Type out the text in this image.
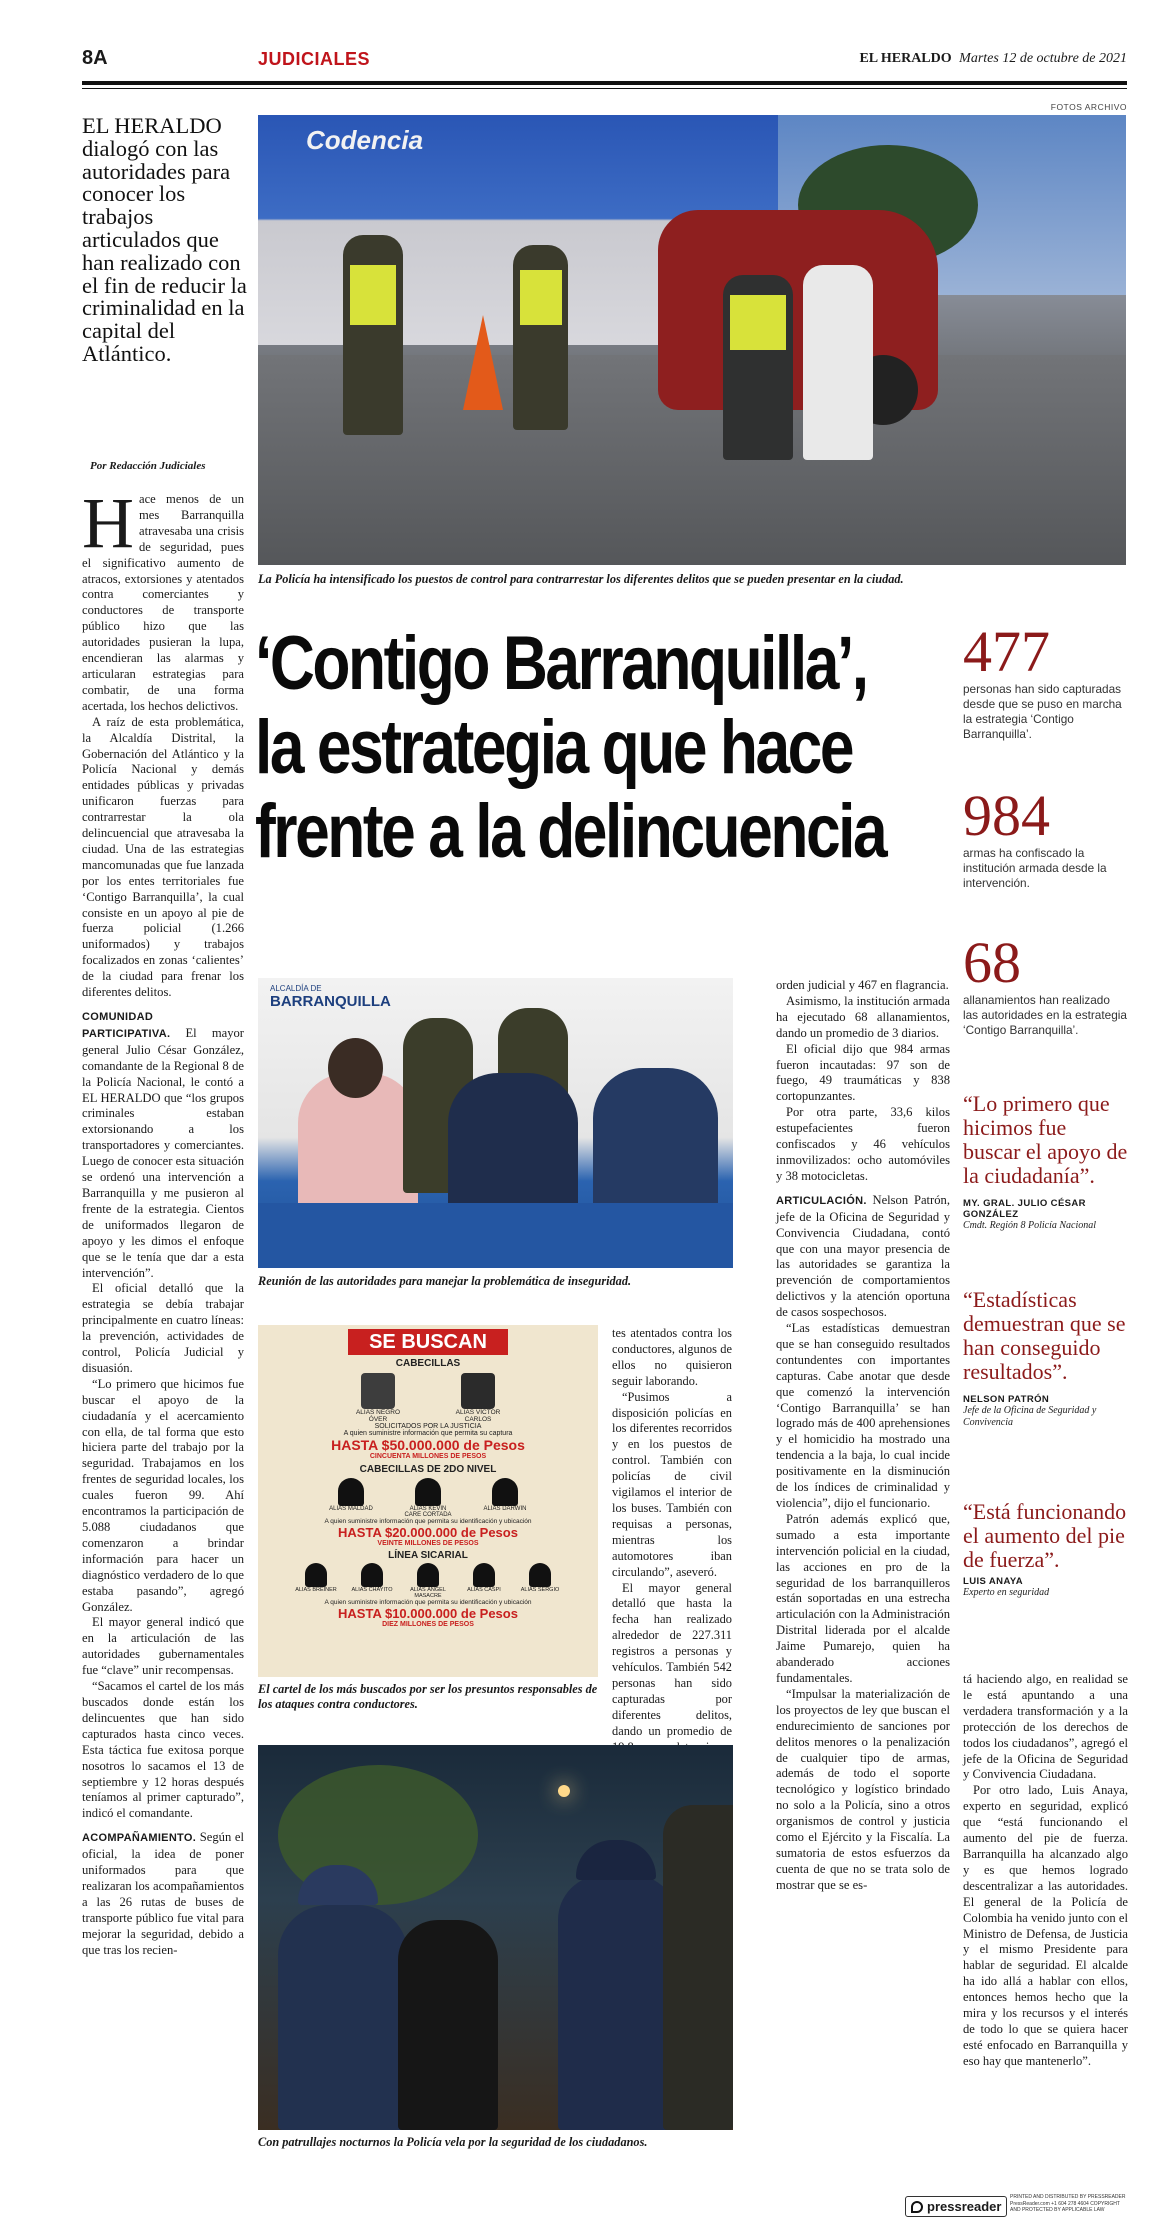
8A	JUDICIALES	EL HERALDO Martes 12 de octubre de 2021
EL HERALDO dialogó con las autoridades para conocer los trabajos articulados que han realizado con el fin de reducir la criminalidad en la capital del Atlántico.
Por Redacción Judiciales
FOTOS ARCHIVO
Codencia
La Policía ha intensificado los puestos de control para contrarrestar los diferentes delitos que se pueden presentar en la ciudad.
‘Contigo Barranquilla’,
la estrategia que hace
frente a la delincuencia
477
personas han sido capturadas desde que se puso en marcha la estrategia ‘Contigo Barranquilla’.
984
armas ha confiscado la institución armada desde la intervención.
68
allanamientos han realizado las autoridades en la estrategia ‘Contigo Barranquilla’.
“Lo primero que hicimos fue buscar el apoyo de la ciudadanía”.
MY. GRAL. JULIO CÉSAR GONZÁLEZ
Cmdt. Región 8 Policía Nacional
“Estadísticas demuestran que se han conseguido resultados”.
NELSON PATRÓN
Jefe de la Oficina de Seguridad y Convivencia
“Está funcionando el aumento del pie de fuerza”.
LUIS ANAYA
Experto en seguridad

Hace menos de un mes Barranquilla atravesaba una crisis de seguridad, pues el significativo aumento de atracos, extorsiones y atentados contra comerciantes y conductores de transporte público hizo que las autoridades pusieran la lupa, encendieran las alarmas y articularan estrategias para combatir, de una forma acertada, los hechos delictivos.

A raíz de esta problemática, la Alcaldía Distrital, la Gobernación del Atlántico y la Policía Nacional y demás entidades públicas y privadas unificaron fuerzas para contrarrestar la ola delincuencial que atravesaba la ciudad. Una de las estrategias mancomunadas que fue lanzada por los entes territoriales fue ‘Contigo Barranquilla’, la cual consiste en un apoyo al pie de fuerza policial (1.266 uniformados) y trabajos focalizados en zonas ‘calientes’ de la ciudad para frenar los diferentes delitos.

COMUNIDAD PARTICIPATIVA. El mayor general Julio César González, comandante de la Regional 8 de la Policía Nacional, le contó a EL HERALDO que “los grupos criminales estaban extorsionando a los transportadores y comerciantes. Luego de conocer esta situación se ordenó una intervención a Barranquilla y me pusieron al frente de la estrategia. Cientos de uniformados llegaron de apoyo y les dimos el enfoque que se le tenía que dar a esta intervención”.

El oficial detalló que la estrategia se debía trabajar principalmente en cuatro líneas: la prevención, actividades de control, Policía Judicial y disuasión.

“Lo primero que hicimos fue buscar el apoyo de la ciudadanía y el acercamiento con ella, de tal forma que esto hiciera parte del trabajo por la seguridad. Trabajamos en los frentes de seguridad locales, los cuales fueron 99. Ahí encontramos la participación de 5.088 ciudadanos que comenzaron a brindar información para hacer un diagnóstico verdadero de lo que estaba pasando”, agregó González.

El mayor general indicó que en la articulación de las autoridades gubernamentales fue “clave” unir recompensas.

“Sacamos el cartel de los más buscados donde están los delincuentes que han sido capturados hasta cinco veces. Esta táctica fue exitosa porque nosotros lo sacamos el 13 de septiembre y 12 horas después teníamos al primer capturado”, indicó el comandante.

ACOMPAÑAMIENTO. Según el oficial, la idea de poner uniformados para que realizaran los acompañamientos a las 26 rutas de buses de transporte público fue vital para mejorar la seguridad, debido a que tras los recien-

ALCALDÍA DE
BARRANQUILLA
Reunión de las autoridades para manejar la problemática de inseguridad.
SE BUSCAN
CABECILLAS
ALIAS NEGRO ÓVER
ALIAS VÍCTOR CARLOS
SOLICITADOS POR LA JUSTICIA
A quien suministre información que permita su captura
HASTA $50.000.000 de Pesos
CINCUENTA MILLONES DE PESOS
CABECILLAS DE 2DO NIVEL
ALIAS MALDAD	ALIAS KEVIN CARE CORTADA
ALIAS DARWIN
A quien suministre información que permita su identificación y ubicación
HASTA $20.000.000 de Pesos
VEINTE MILLONES DE PESOS
LÍNEA SICARIAL
ALIAS BREINER	ALIAS CHAYITO	ALIAS ÁNGEL MASACRE
ALIAS CASPI	ALIAS SERGIO
A quien suministre información que permita su identificación y ubicación
HASTA $10.000.000 de Pesos
DIEZ MILLONES DE PESOS
El cartel de los más buscados por ser los presuntos responsables de los ataques contra conductores.

tes atentados contra los conductores, algunos de ellos no quisieron seguir laborando.

“Pusimos a disposición policías en los diferentes recorridos y en los puestos de control. También con policías de civil vigilamos el interior de los buses. También con requisas a personas, mientras los automotores iban circulando”, aseveró.

El mayor general detalló que hasta la fecha han realizado alrededor de 227.311 registros a personas y vehículos. También 542 personas han sido capturadas por diferentes delitos, dando un promedio de

Con patrullajes nocturnos la Policía vela por la seguridad de los ciudadanos.

orden judicial y 467 en flagrancia.

Asimismo, la institución armada ha ejecutado 68 allanamientos, dando un promedio de 3 diarios.

El oficial dijo que 984 armas fueron incautadas: 97 son de fuego, 49 traumáticas y 838 cortopunzantes.

Por otra parte, 33,6 kilos estupefacientes fueron confiscados y 46 vehículos inmovilizados: ocho automóviles y 38 motocicletas.

ARTICULACIÓN. Nelson Patrón, jefe de la Oficina de Seguridad y Convivencia Ciudadana, contó que con una mayor presencia de las autoridades se garantiza la prevención de comportamientos delictivos y la atención oportuna de casos sospechosos.

“Las estadísticas demuestran que se han conseguido resultados contundentes con importantes capturas. Cabe anotar que desde que comenzó la intervención ‘Contigo Barranquilla’ se han logrado más de 400 aprehensiones y el homicidio ha mostrado una tendencia a la baja, lo cual incide positivamente en la disminución de los índices de criminalidad y violencia”, dijo el funcionario.

Patrón además explicó que, sumado a esta importante intervención policial en la ciudad, las acciones en pro de la seguridad de los barranquilleros están soportadas en una estrecha articulación con la Administración Distrital liderada por el alcalde Jaime Pumarejo, quien ha abanderado acciones fundamentales.

“Impulsar la materialización de los proyectos de ley que buscan el endurecimiento de sanciones por delitos menores o la penalización de cualquier tipo de armas, además de todo el soporte tecnológico y logístico brindado no solo a la Policía, sino a otros organismos de control y justicia como el Ejército y la Fiscalía. La sumatoria de estos esfuerzos da cuenta de que no se trata solo de mostrar que se es-

tá haciendo algo, en realidad se le está apuntando a una verdadera transformación y a la protección de los derechos de todos los ciudadanos”, agregó el jefe de la Oficina de Seguridad y Convivencia Ciudadana.

Por otro lado, Luis Anaya, experto en seguridad, explicó que “está funcionando el aumento del pie de fuerza. Barranquilla ha alcanzado algo y es que hemos logrado descentralizar a las autoridades. El general de la Policía de Colombia ha venido junto con el Ministro de Defensa, de Justicia y el mismo Presidente para hablar de seguridad. El alcalde ha ido allá a hablar con ellos, entonces hemos hecho que la mira y los recursos y el interés de todo lo que se quiera hacer esté enfocado en Barranquilla y eso hay que mantenerlo”.

pressreader
PRINTED AND DISTRIBUTED BY PRESSREADER PressReader.com +1 604 278 4604 COPYRIGHT AND PROTECTED BY APPLICABLE LAW
